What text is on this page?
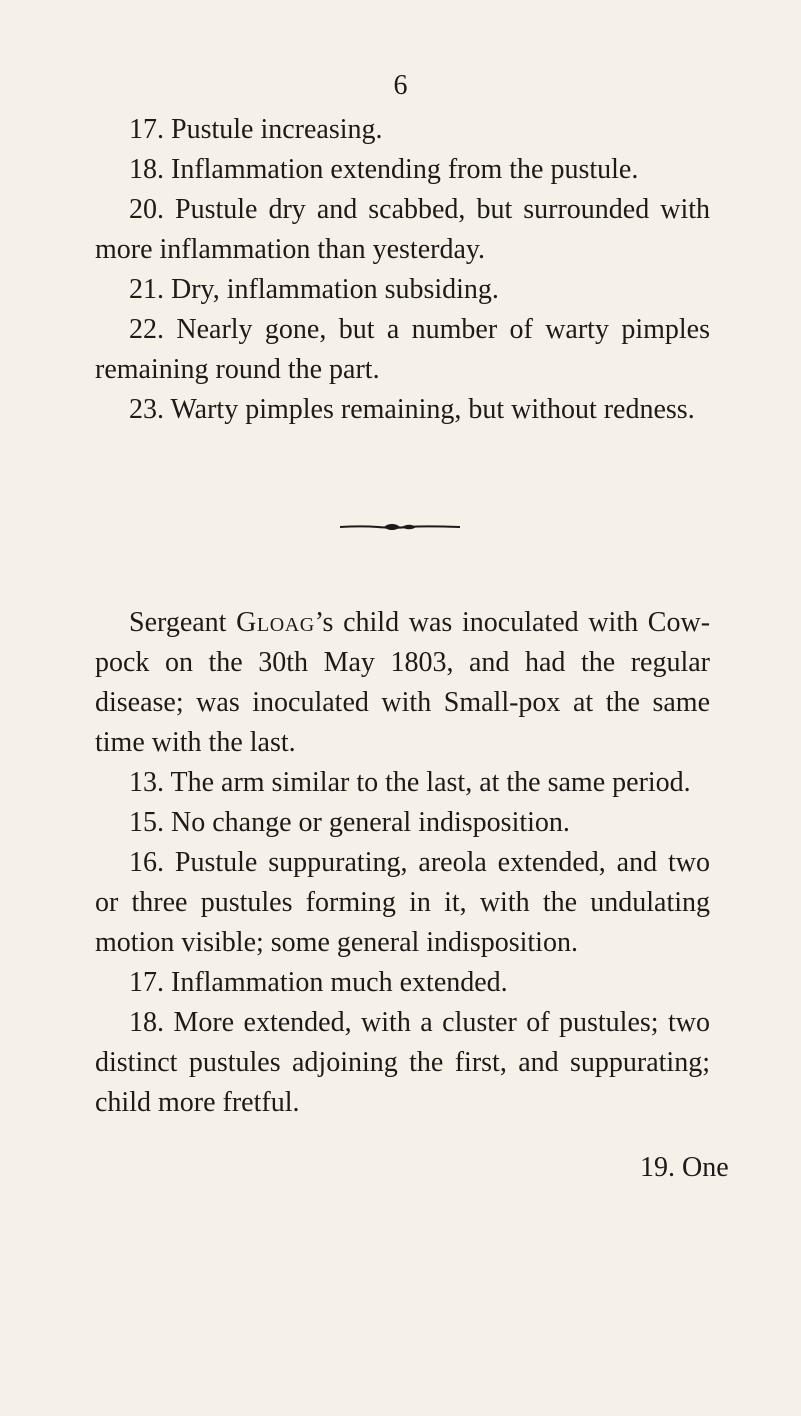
6

17. Pustule increasing.

18. Inflammation extending from the pustule.

20. Pustule dry and scabbed, but surrounded with more inflammation than yesterday.

21. Dry, inflammation subsiding.

22. Nearly gone, but a number of warty pimples remaining round the part.

23. Warty pimples remaining, but without redness.

Sergeant Gloag’s child was inoculated with Cow-pock on the 30th May 1803, and had the regular disease; was inoculated with Small-pox at the same time with the last.

13. The arm similar to the last, at the same period.

15. No change or general indisposition.

16. Pustule suppurating, areola extended, and two or three pustules forming in it, with the undulating motion visible; some general indisposition.

17. Inflammation much extended.

18. More extended, with a cluster of pustules; two distinct pustules adjoining the first, and suppurating; child more fretful.

19. One
